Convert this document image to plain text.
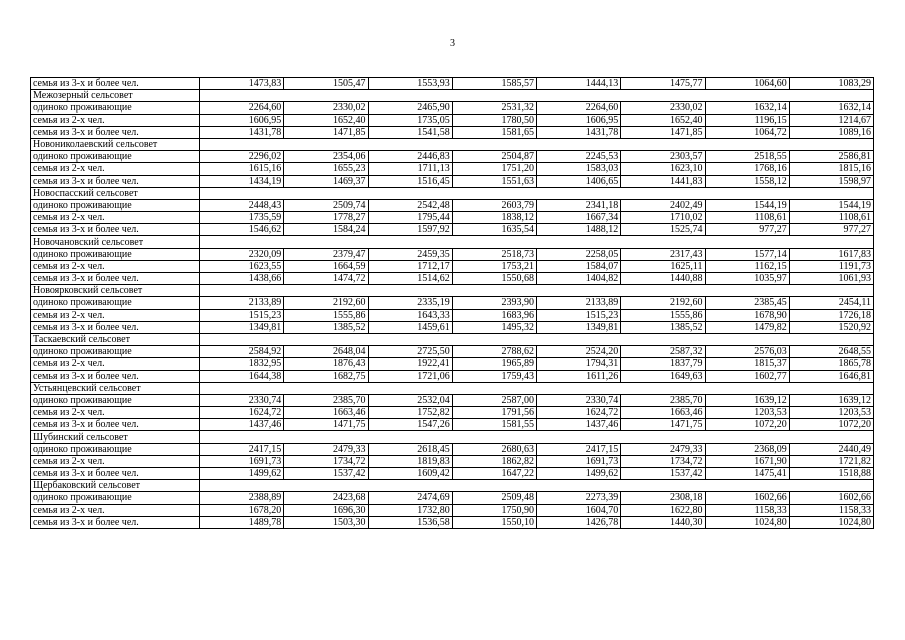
3
семья из 3-х и более чел.	1473,83	1505,47	1553,93	1585,57	1444,13	1475,77	1064,60	1083,29
Межозерный сельсовет								
одиноко проживающие	2264,60	2330,02	2465,90	2531,32	2264,60	2330,02	1632,14	1632,14
семья из 2-х чел.	1606,95	1652,40	1735,05	1780,50	1606,95	1652,40	1196,15	1214,67
семья из 3-х и более чел.	1431,78	1471,85	1541,58	1581,65	1431,78	1471,85	1064,72	1089,16
Новониколаевский сельсовет								
одиноко проживающие	2296,02	2354,06	2446,83	2504,87	2245,53	2303,57	2518,55	2586,81
семья из 2-х чел.	1615,16	1655,23	1711,13	1751,20	1583,03	1623,10	1768,16	1815,16
семья из 3-х и более чел.	1434,19	1469,37	1516,45	1551,63	1406,65	1441,83	1558,12	1598,97
Новоспасский сельсовет								
одиноко проживающие	2448,43	2509,74	2542,48	2603,79	2341,18	2402,49	1544,19	1544,19
семья из 2-х чел.	1735,59	1778,27	1795,44	1838,12	1667,34	1710,02	1108,61	1108,61
семья из 3-х и более чел.	1546,62	1584,24	1597,92	1635,54	1488,12	1525,74	977,27	977,27
Новочановский сельсовет								
одиноко проживающие	2320,09	2379,47	2459,35	2518,73	2258,05	2317,43	1577,14	1617,83
семья из 2-х чел.	1623,55	1664,59	1712,17	1753,21	1584,07	1625,11	1162,15	1191,73
семья из 3-х и более чел.	1438,66	1474,72	1514,62	1550,68	1404,82	1440,88	1035,97	1061,93
Новоярковский сельсовет								
одиноко проживающие	2133,89	2192,60	2335,19	2393,90	2133,89	2192,60	2385,45	2454,11
семья из 2-х чел.	1515,23	1555,86	1643,33	1683,96	1515,23	1555,86	1678,90	1726,18
семья из 3-х и более чел.	1349,81	1385,52	1459,61	1495,32	1349,81	1385,52	1479,82	1520,92
Таскаевский сельсовет								
одиноко проживающие	2584,92	2648,04	2725,50	2788,62	2524,20	2587,32	2576,03	2648,55
семья из 2-х чел.	1832,95	1876,43	1922,41	1965,89	1794,31	1837,79	1815,37	1865,78
семья из 3-х и более чел.	1644,38	1682,75	1721,06	1759,43	1611,26	1649,63	1602,77	1646,81
Устьянцевский сельсовет								
одиноко проживающие	2330,74	2385,70	2532,04	2587,00	2330,74	2385,70	1639,12	1639,12
семья из 2-х чел.	1624,72	1663,46	1752,82	1791,56	1624,72	1663,46	1203,53	1203,53
семья из 3-х и более чел.	1437,46	1471,75	1547,26	1581,55	1437,46	1471,75	1072,20	1072,20
Шубинский сельсовет								
одиноко проживающие	2417,15	2479,33	2618,45	2680,63	2417,15	2479,33	2368,09	2440,49
семья из 2-х чел.	1691,73	1734,72	1819,83	1862,82	1691,73	1734,72	1671,90	1721,82
семья из 3-х и более чел.	1499,62	1537,42	1609,42	1647,22	1499,62	1537,42	1475,41	1518,88
Щербаковский сельсовет								
одиноко проживающие	2388,89	2423,68	2474,69	2509,48	2273,39	2308,18	1602,66	1602,66
семья из 2-х чел.	1678,20	1696,30	1732,80	1750,90	1604,70	1622,80	1158,33	1158,33
семья из 3-х и более чел.	1489,78	1503,30	1536,58	1550,10	1426,78	1440,30	1024,80	1024,80
